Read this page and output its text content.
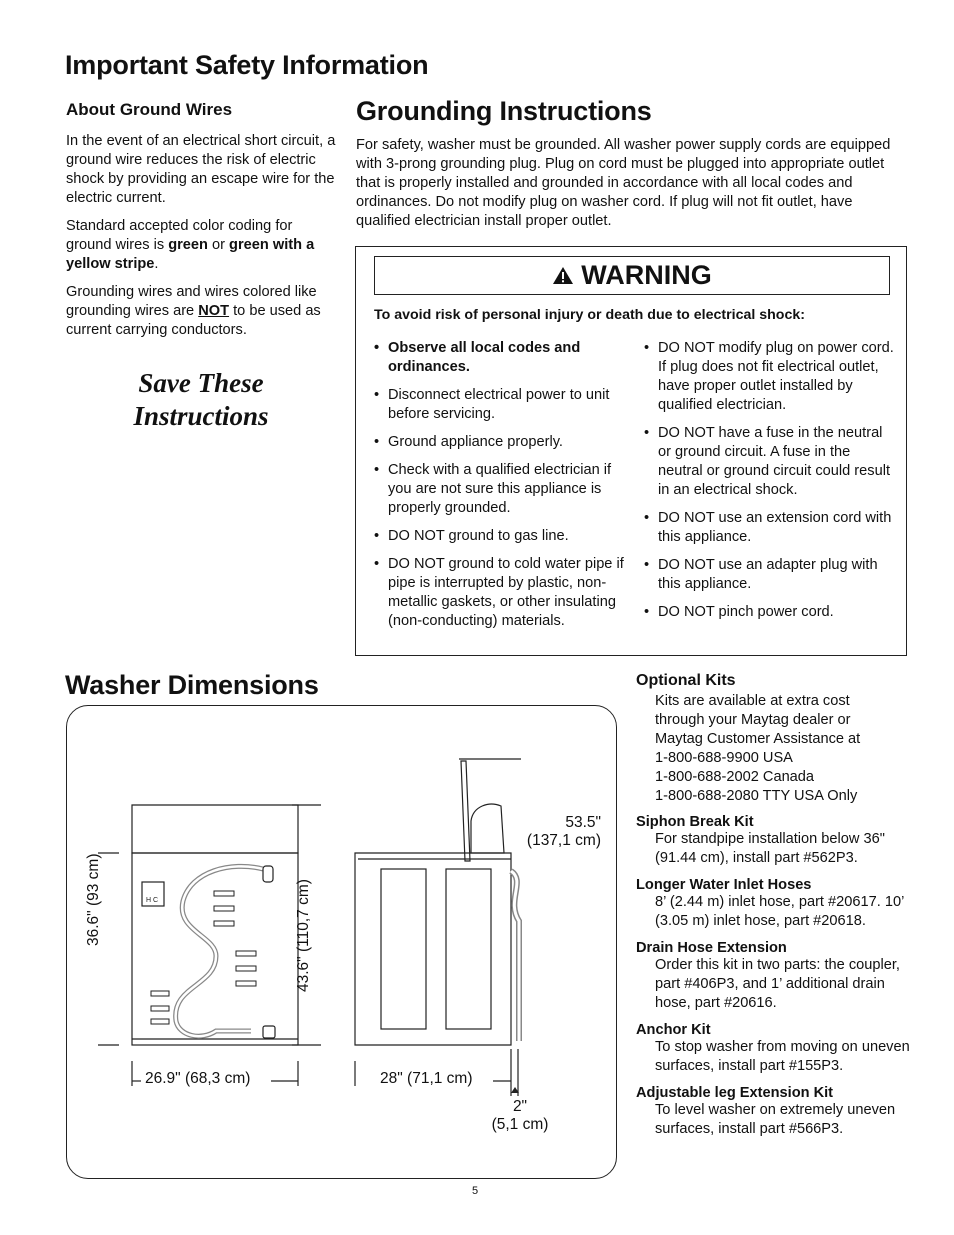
Important Safety Information
About Ground Wires

In the event of an electrical short circuit, a ground wire reduces the risk of electric shock by providing an escape wire for the electric current.

Standard accepted color coding for ground wires is green or green with a yellow stripe.

Grounding wires and wires colored like grounding wires are NOT to be used as current carrying conductors.

Save These
Instructions
Grounding Instructions
For safety, washer must be grounded. All washer power supply cords are equipped with 3-prong grounding plug. Plug on cord must be plugged into appropriate outlet that is properly installed and grounded in accordance with all local codes and ordinances. Do not modify plug on washer cord. If plug will not fit outlet, have qualified electrician install proper outlet.
WARNING
To avoid risk of personal injury or death due to electrical shock:
• Observe all local codes and ordinances.
• Disconnect electrical power to unit before servicing.
• Ground appliance properly.
• Check with a qualified electrician if you are not sure this appliance is properly grounded.
• DO NOT ground to gas line.
• DO NOT ground to cold water pipe if pipe is interrupted by plastic, non-metallic gaskets, or other insulating (non-conducting) materials.
• DO NOT modify plug on power cord. If plug does not fit electrical outlet, have proper outlet installed by qualified electrician.
• DO NOT have a fuse in the neutral or ground circuit. A fuse in the neutral or ground circuit could result in an electrical shock.
• DO NOT use an extension cord with this appliance.
• DO NOT use an adapter plug with this appliance.
• DO NOT pinch power cord.
Washer Dimensions
H C
36.6" (93 cm)	43.6" (110,7 cm)
26.9" (68,3 cm)	28" (71,1 cm)
53.5"
(137,1 cm)
2"
(5,1 cm)
Optional Kits
Kits are available at extra cost
through your Maytag dealer or
Maytag Customer Assistance at
1-800-688-9900 USA
1-800-688-2002 Canada
1-800-688-2080 TTY USA Only
Siphon Break Kit
For standpipe installation below 36" (91.44 cm), install part #562P3.
Longer Water Inlet Hoses
8’ (2.44 m) inlet hose, part #20617. 10’ (3.05 m) inlet hose, part #20618.
Drain Hose Extension
Order this kit in two parts: the coupler, part #406P3, and 1’ additional drain hose, part #20616.
Anchor Kit
To stop washer from moving on uneven surfaces, install part #155P3.
Adjustable leg Extension Kit
To level washer on extremely uneven surfaces, install part #566P3.
5
